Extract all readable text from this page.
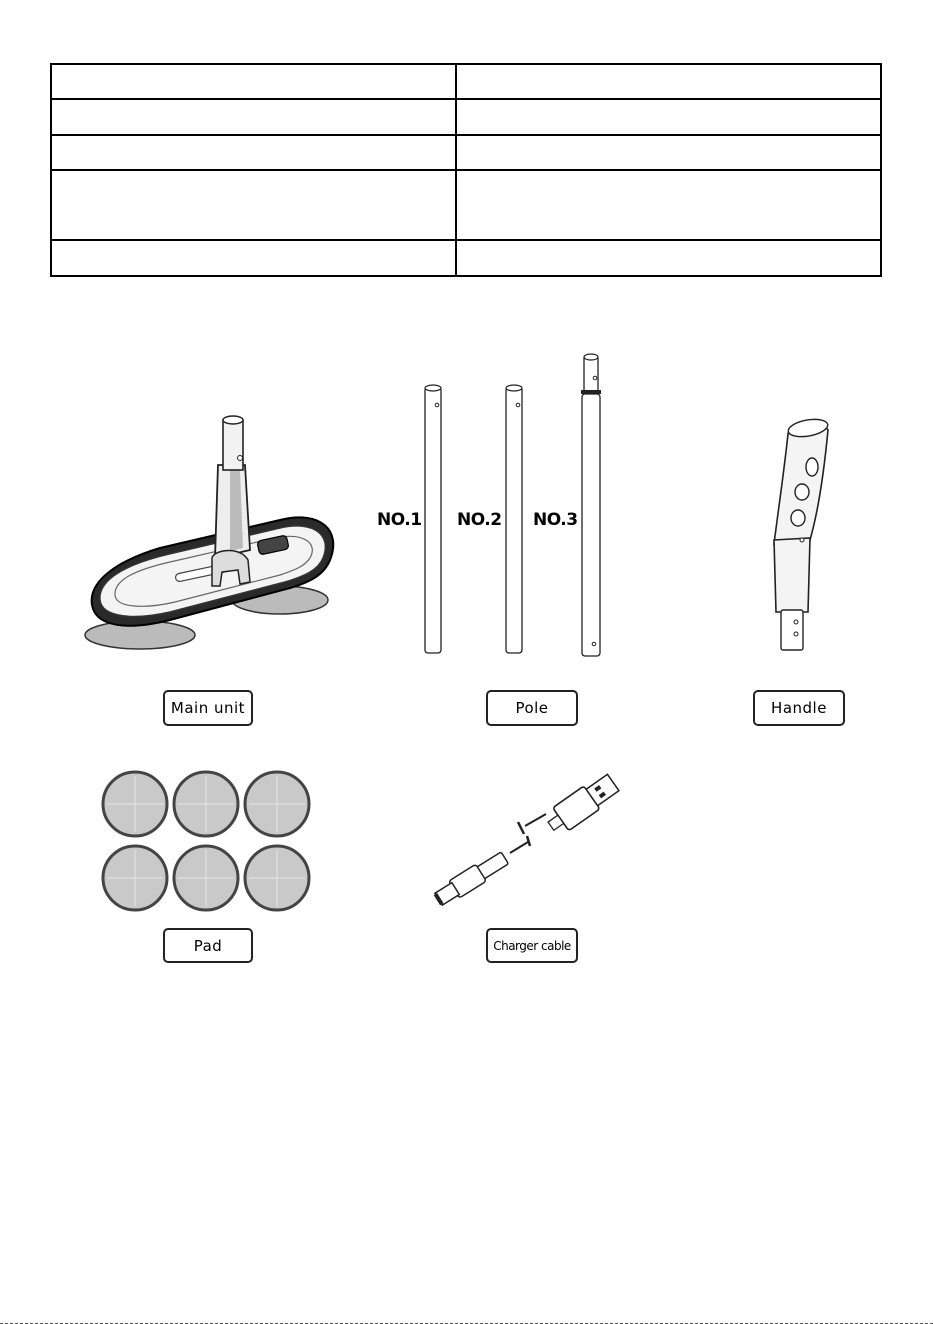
NO.1 NO.2 NO.3
Main unit	Pole	Handle
Pad	Charger cable
